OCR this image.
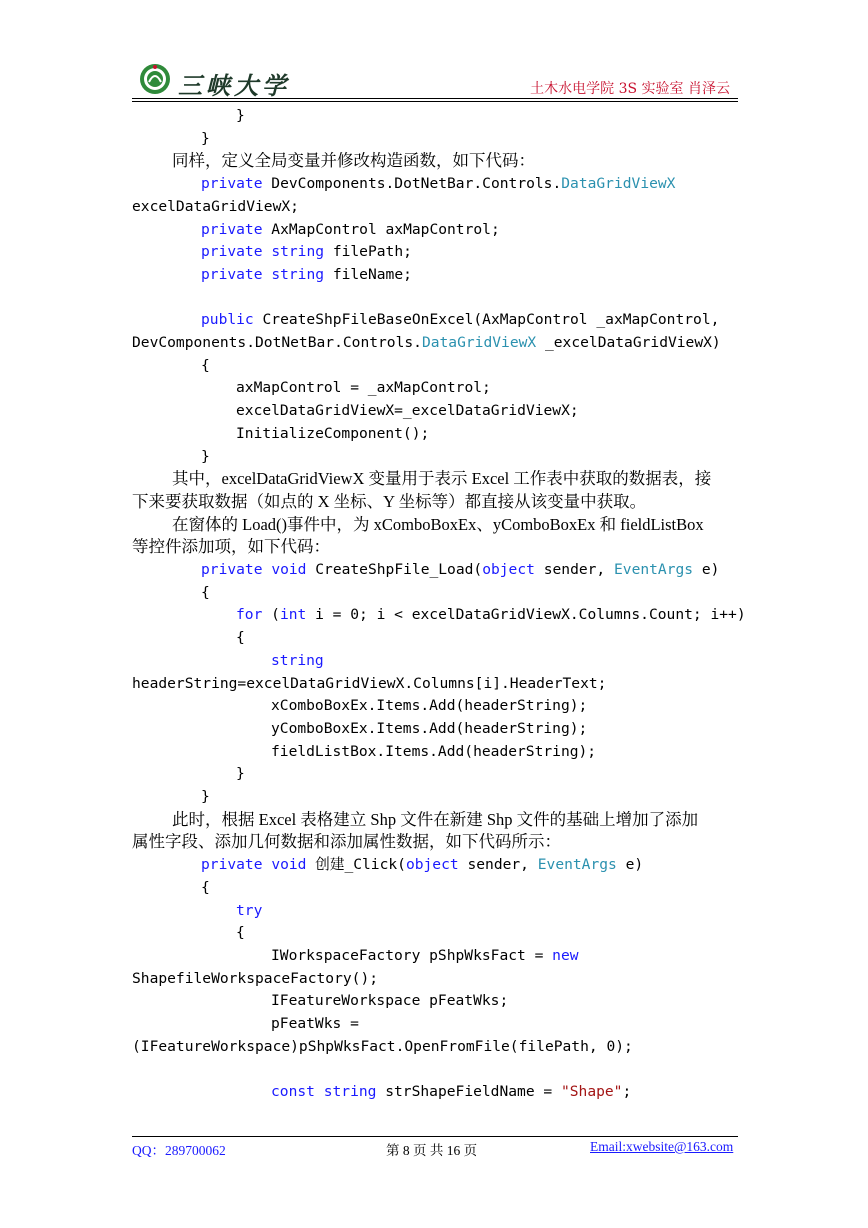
三峡大学	土木水电学院 3S 实验室 肖泽云
}
}
同样，定义全局变量并修改构造函数，如下代码：
private DevComponents.DotNetBar.Controls.DataGridViewX
excelDataGridViewX;
private AxMapControl axMapControl;
private string filePath;
private string fileName;
public CreateShpFileBaseOnExcel(AxMapControl _axMapControl,
DevComponents.DotNetBar.Controls.DataGridViewX _excelDataGridViewX)
{
axMapControl = _axMapControl;
excelDataGridViewX=_excelDataGridViewX;
InitializeComponent();
}
其中，excelDataGridViewX 变量用于表示 Excel 工作表中获取的数据表，接
下来要获取数据（如点的 X 坐标、Y 坐标等）都直接从该变量中获取。
在窗体的 Load()事件中，为 xComboBoxEx、yComboBoxEx 和 fieldListBox
等控件添加项，如下代码：
private void CreateShpFile_Load(object sender, EventArgs e)
{
for (int i = 0; i < excelDataGridViewX.Columns.Count; i++)
{
string
headerString=excelDataGridViewX.Columns[i].HeaderText;
xComboBoxEx.Items.Add(headerString);
yComboBoxEx.Items.Add(headerString);
fieldListBox.Items.Add(headerString);
}
}
此时，根据 Excel 表格建立 Shp 文件在新建 Shp 文件的基础上增加了添加
属性字段、添加几何数据和添加属性数据，如下代码所示：
private void 创建_Click(object sender, EventArgs e)
{
try
{
IWorkspaceFactory pShpWksFact = new
ShapefileWorkspaceFactory();
IFeatureWorkspace pFeatWks;
pFeatWks =
(IFeatureWorkspace)pShpWksFact.OpenFromFile(filePath, 0);
const string strShapeFieldName = "Shape";
QQ：289700062	第 8 页 共 16 页	Email:xwebsite@163.com
